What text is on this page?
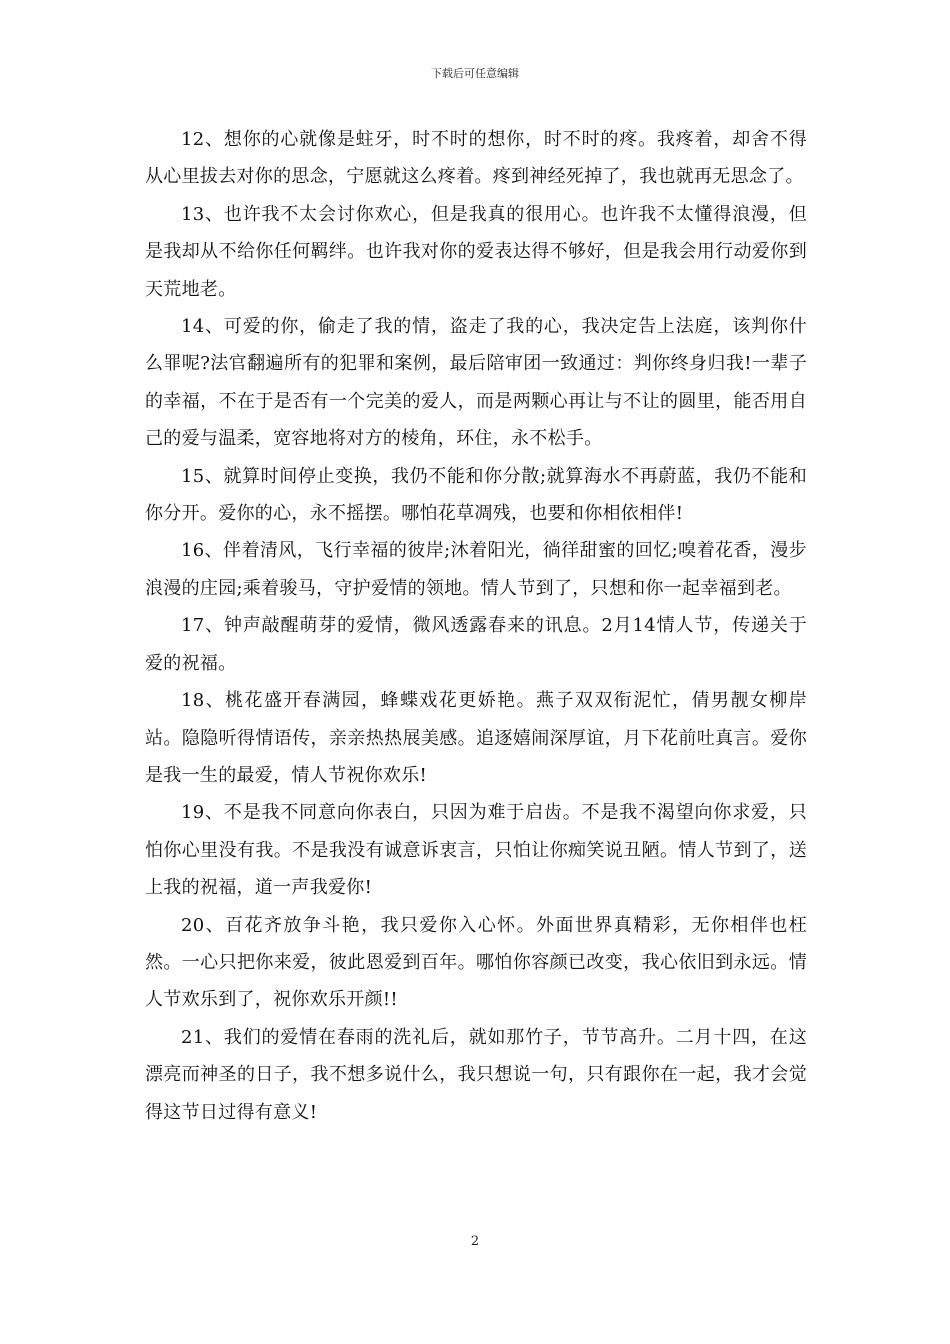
下载后可任意编辑

12、想你的心就像是蛀牙，时不时的想你，时不时的疼。我疼着，却舍不得从心里拔去对你的思念，宁愿就这么疼着。疼到神经死掉了，我也就再无思念了。

13、也许我不太会讨你欢心，但是我真的很用心。也许我不太懂得浪漫，但是我却从不给你任何羁绊。也许我对你的爱表达得不够好，但是我会用行动爱你到天荒地老。

14、可爱的你，偷走了我的情，盗走了我的心，我决定告上法庭，该判你什么罪呢?法官翻遍所有的犯罪和案例，最后陪审团一致通过：判你终身归我!一辈子的幸福，不在于是否有一个完美的爱人，而是两颗心再让与不让的圆里，能否用自己的爱与温柔，宽容地将对方的棱角，环住，永不松手。

15、就算时间停止变换，我仍不能和你分散;就算海水不再蔚蓝，我仍不能和你分开。爱你的心，永不摇摆。哪怕花草凋残，也要和你相依相伴!

16、伴着清风，飞行幸福的彼岸;沐着阳光，徜徉甜蜜的回忆;嗅着花香，漫步浪漫的庄园;乘着骏马，守护爱情的领地。情人节到了，只想和你一起幸福到老。

17、钟声敲醒萌芽的爱情，微风透露春来的讯息。2月14情人节，传递关于爱的祝福。

18、桃花盛开春满园，蜂蝶戏花更娇艳。燕子双双衔泥忙，倩男靓女柳岸站。隐隐听得情语传，亲亲热热展美感。追逐嬉闹深厚谊，月下花前吐真言。爱你是我一生的最爱，情人节祝你欢乐!

19、不是我不同意向你表白，只因为难于启齿。不是我不渴望向你求爱，只怕你心里没有我。不是我没有诚意诉衷言，只怕让你痴笑说丑陋。情人节到了，送上我的祝福，道一声我爱你!

20、百花齐放争斗艳，我只爱你入心怀。外面世界真精彩，无你相伴也枉然。一心只把你来爱，彼此恩爱到百年。哪怕你容颜已改变，我心依旧到永远。情人节欢乐到了，祝你欢乐开颜!!

21、我们的爱情在春雨的洗礼后，就如那竹子，节节高升。二月十四，在这漂亮而神圣的日子，我不想多说什么，我只想说一句，只有跟你在一起，我才会觉得这节日过得有意义!

2
